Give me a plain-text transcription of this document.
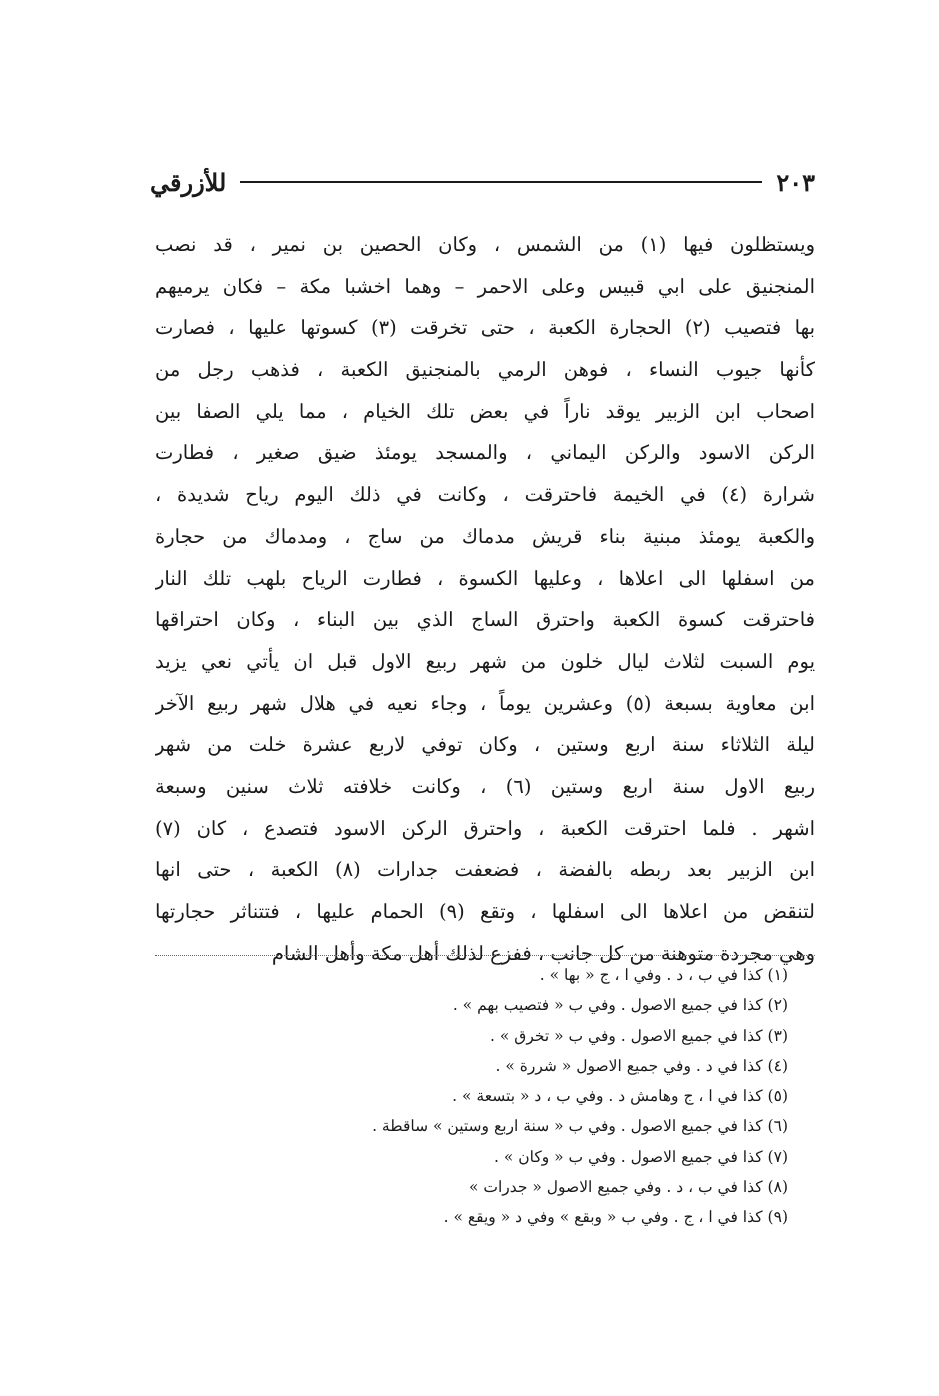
للأزرقي	٢٠٣
ويستظلون فيها (١) من الشمس ، وكان الحصين بن نمير ، قد نصب
المنجنيق على ابي قبيس وعلى الاحمر – وهما اخشبا مكة – فكان يرميهم
بها فتصيب (٢) الحجارة الكعبة ، حتى تخرقت (٣) كسوتها عليها ، فصارت
كأنها جيوب النساء ، فوهن الرمي بالمنجنيق الكعبة ، فذهب رجل من
اصحاب ابن الزبير يوقد ناراً في بعض تلك الخيام ، مما يلي الصفا بين
الركن الاسود والركن اليماني ، والمسجد يومئذ ضيق صغير ، فطارت
شرارة (٤) في الخيمة فاحترقت ، وكانت في ذلك اليوم رياح شديدة ،
والكعبة يومئذ مبنية بناء قريش مدماك من ساج ، ومدماك من حجارة
من اسفلها الى اعلاها ، وعليها الكسوة ، فطارت الرياح بلهب تلك النار
فاحترقت كسوة الكعبة واحترق الساج الذي بين البناء ، وكان احتراقها
يوم السبت لثلاث ليال خلون من شهر ربيع الاول قبل ان يأتي نعي يزيد
ابن معاوية بسبعة (٥) وعشرين يوماً ، وجاء نعيه في هلال شهر ربيع الآخر
ليلة الثلاثاء سنة اربع وستين ، وكان توفي لاربع عشرة خلت من شهر
ربيع الاول سنة اربع وستين (٦) ، وكانت خلافته ثلاث سنين وسبعة
اشهر . فلما احترقت الكعبة ، واحترق الركن الاسود فتصدع ، كان (٧)
ابن الزبير بعد ربطه بالفضة ، فضعفت جدارات (٨) الكعبة ، حتى انها
لتنقض من اعلاها الى اسفلها ، وتقع (٩) الحمام عليها ، فتتناثر حجارتها
وهي مجردة متوهنة من كل جانب ، ففزع لذلك أهل مكة وأهل الشام
(١) كذا في ب ، د . وفي ا ، ج « بها » .
(٢) كذا في جميع الاصول . وفي ب « فتصيب بهم » .
(٣) كذا في جميع الاصول . وفي ب « تخرق » .
(٤) كذا في د . وفي جميع الاصول « شررة » .
(٥) كذا في ا ، ج وهامش د . وفي ب ، د « بتسعة » .
(٦) كذا في جميع الاصول . وفي ب « سنة اربع وستين » ساقطة .
(٧) كذا في جميع الاصول . وفي ب « وكان » .
(٨) كذا في ب ، د . وفي جميع الاصول « جدرات »
(٩) كذا في ا ، ج . وفي ب « وبقع » وفي د « ويقع » .
